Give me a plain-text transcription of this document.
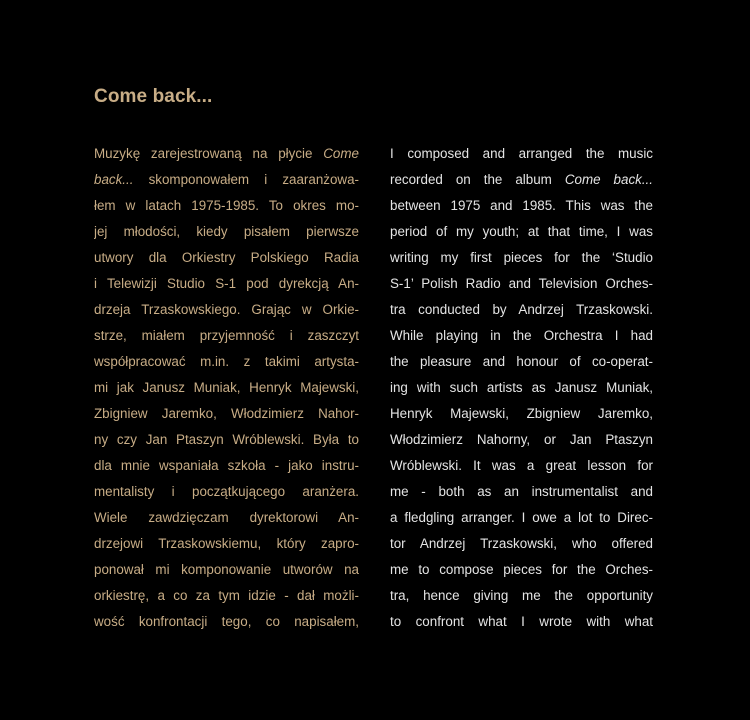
Come back...
Muzykę zarejestrowaną na płycie Come
back... skomponowałem i zaaranżowa-
łem w latach 1975-1985. To okres mo-
jej młodości, kiedy pisałem pierwsze
utwory dla Orkiestry Polskiego Radia
i Telewizji Studio S-1 pod dyrekcją An-
drzeja Trzaskowskiego. Grając w Orkie-
strze, miałem przyjemność i zaszczyt
współpracować m.in. z takimi artysta-
mi jak Janusz Muniak, Henryk Majewski,
Zbigniew Jaremko, Włodzimierz Nahor-
ny czy Jan Ptaszyn Wróblewski. Była to
dla mnie wspaniała szkoła - jako instru-
mentalisty i początkującego aranżera.
Wiele zawdzięczam dyrektorowi An-
drzejowi Trzaskowskiemu, który zapro-
ponował mi komponowanie utworów na
orkiestrę, a co za tym idzie - dał możli-
wość konfrontacji tego, co napisałem,
I composed and arranged the music
recorded on the album Come back...
between 1975 and 1985. This was the
period of my youth; at that time, I was
writing my first pieces for the ‘Studio
S-1’ Polish Radio and Television Orches-
tra conducted by Andrzej Trzaskowski.
While playing in the Orchestra I had
the pleasure and honour of co-operat-
ing with such artists as Janusz Muniak,
Henryk Majewski, Zbigniew Jaremko,
Włodzimierz Nahorny, or Jan Ptaszyn
Wróblewski. It was a great lesson for
me - both as an instrumentalist and
a fledgling arranger. I owe a lot to Direc-
tor Andrzej Trzaskowski, who offered
me to compose pieces for the Orches-
tra, hence giving me the opportunity
to confront what I wrote with what
